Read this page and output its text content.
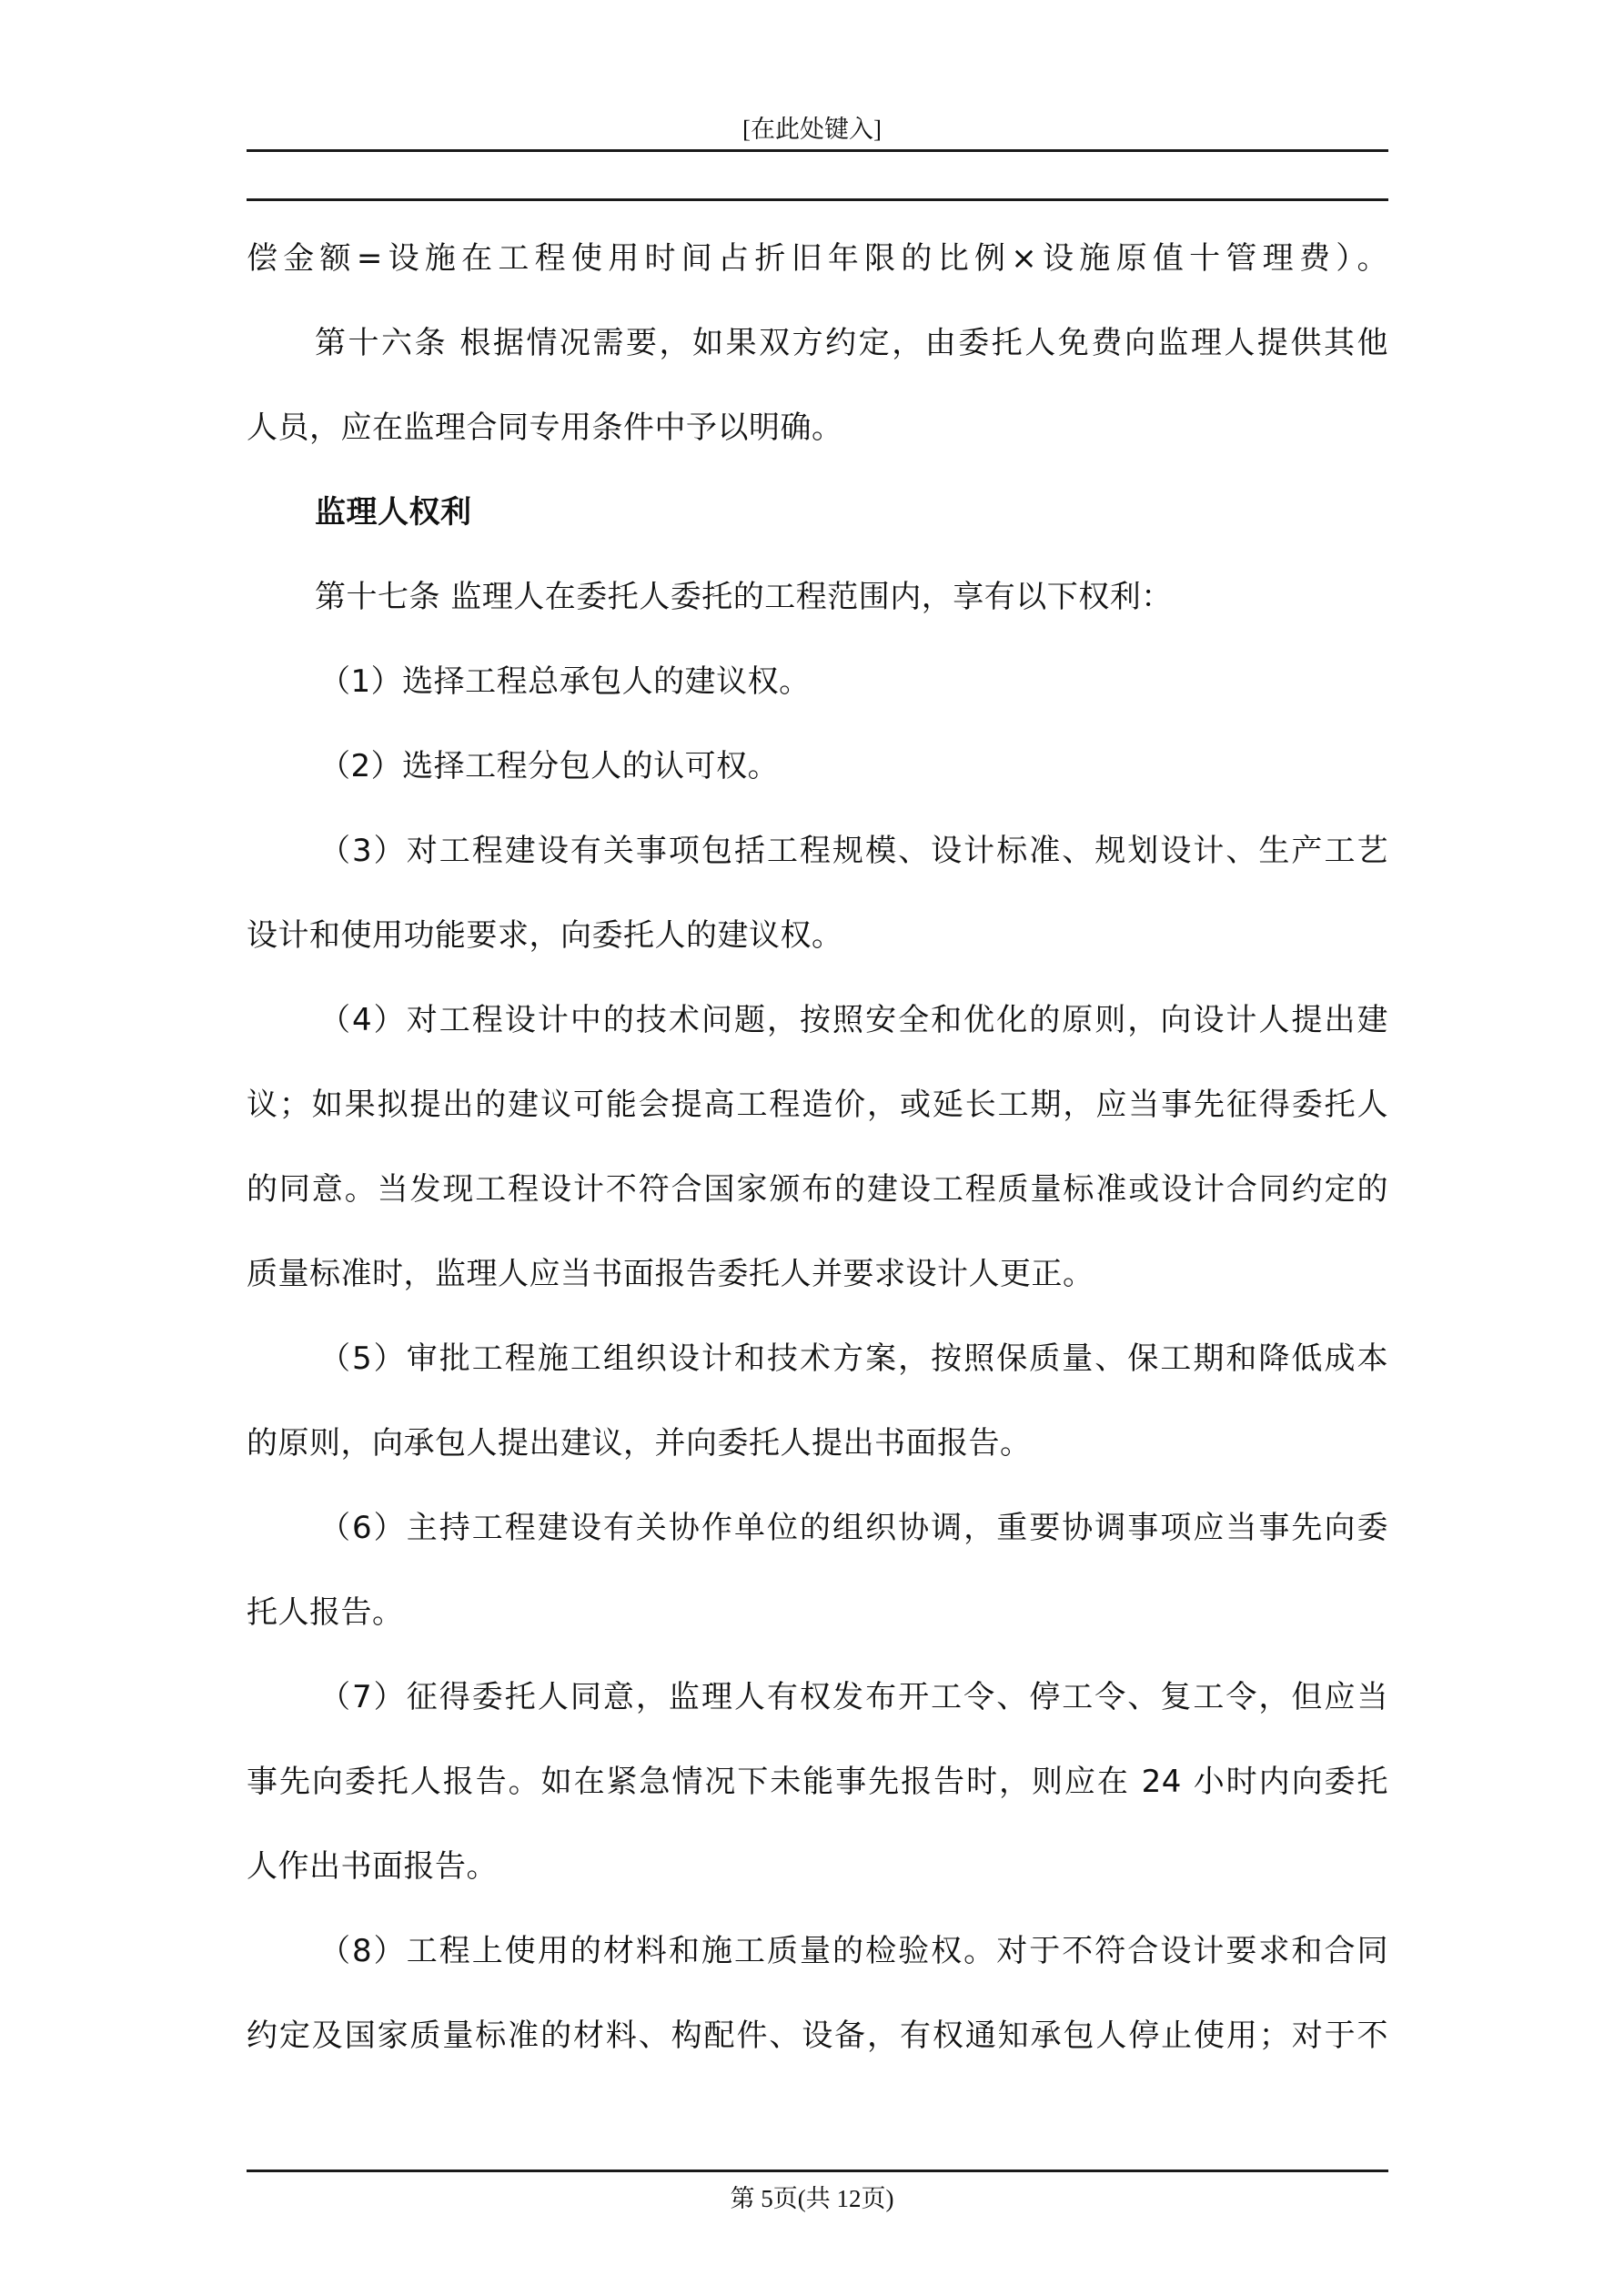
[在此处键入]
偿金额=设施在工程使用时间占折旧年限的比例×设施原值十管理费）。
第十六条 根据情况需要，如果双方约定，由委托人免费向监理人提供其他
人员，应在监理合同专用条件中予以明确。
监理人权利
第十七条 监理人在委托人委托的工程范围内，享有以下权利：
（1）选择工程总承包人的建议权。
（2）选择工程分包人的认可权。
（3）对工程建设有关事项包括工程规模、设计标准、规划设计、生产工艺
设计和使用功能要求，向委托人的建议权。
（4）对工程设计中的技术问题，按照安全和优化的原则，向设计人提出建
议；如果拟提出的建议可能会提高工程造价，或延长工期，应当事先征得委托人
的同意。当发现工程设计不符合国家颁布的建设工程质量标准或设计合同约定的
质量标准时，监理人应当书面报告委托人并要求设计人更正。
（5）审批工程施工组织设计和技术方案，按照保质量、保工期和降低成本
的原则，向承包人提出建议，并向委托人提出书面报告。
（6）主持工程建设有关协作单位的组织协调，重要协调事项应当事先向委
托人报告。
（7）征得委托人同意，监理人有权发布开工令、停工令、复工令，但应当
事先向委托人报告。如在紧急情况下未能事先报告时，则应在 24 小时内向委托
人作出书面报告。
（8）工程上使用的材料和施工质量的检验权。对于不符合设计要求和合同
约定及国家质量标准的材料、构配件、设备，有权通知承包人停止使用；对于不
第 5页(共 12页)
